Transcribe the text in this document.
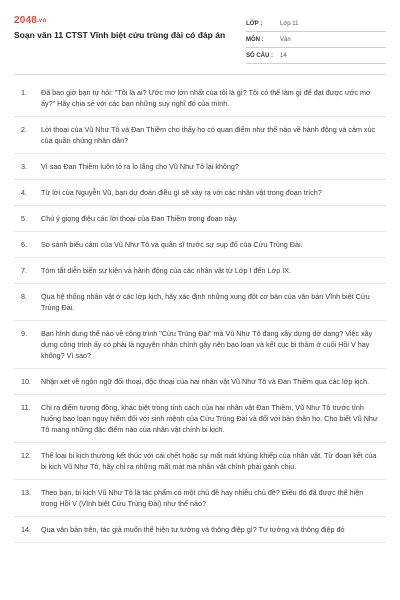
2048.vn
Soạn văn 11 CTST Vĩnh biệt cửu trùng đài có đáp án
LỚP :	Lớp 11
MÔN :	Văn
SỐ CÂU :	14
1.	Đã bao giờ bạn tự hỏi: "Tôi là ai? Ước mơ lớn nhất của tôi là gì? Tôi có thể làm gì để đạt được ước mơ ấy?" Hãy chia sẻ với các bạn những suy nghĩ đó của mình.
2.	Lời thoại của Vũ Như Tô và Đan Thiềm cho thấy họ có quan điểm như thế nào về hành động và cảm xúc của quần chúng nhân dân?
3.	Vì sao Đan Thiềm luôn tỏ ra lo lắng cho Vũ Như Tô lại không?
4.	Từ lời của Nguyễn Vũ, bạn dự đoán điều gì sẽ xảy ra với các nhân vật trong đoạn trích?
5.	Chú ý giọng điệu các lời thoại của Đan Thiềm trong đoạn này.
6.	So sánh biểu cảm của Vũ Như Tô và quân sĩ trước sự sụp đổ của Cửu Trùng Đài.
7.	Tóm tắt diễn biến sự kiện và hành động của các nhân vật từ Lớp I đến Lớp IX.
8.	Qua hệ thống nhân vật ở các lớp kịch, hãy xác định những xung đột cơ bản của văn bản Vĩnh biệt Cửu Trùng Đài.
9.	Bạn hình dung thế nào về công trình "Cửu Trùng Đài" mà Vũ Như Tô đang xây dựng dở dang? Việc xây dựng công trình ấy có phải là nguyên nhân chính gây nên bạo loạn và kết cục bi thảm ở cuối Hồi V hay không? Vì sao?
10.	Nhận xét về ngôn ngữ đối thoại, độc thoại của hai nhân vật Vũ Như Tô và Đan Thiềm qua các lớp kịch.
11.	Chỉ ra điểm tương đồng, khác biệt trong tính cách của hai nhân vật Đan Thiềm, Vũ Như Tô trước tình huống bạo loạn nguy hiểm đối với sinh mệnh của Cửu Trùng Đài và đối với bản thân họ. Cho biết Vũ Như Tô mang những đặc điểm nào của nhân vật chính bi kịch.
12.	Thể loại bi kịch thường kết thúc với cái chết hoặc sự mất mát khủng khiếp của nhân vật. Từ đoạn kết của bi kịch Vũ Như Tô, hãy chỉ ra những mất mát mà nhân vật chính phải gánh chịu.
13.	Theo bạn, bi kịch Vũ Như Tô là tác phẩm có một chủ đề hay nhiều chủ đề? Điều đó đã được thể hiện trong Hồi V (Vĩnh biệt Cửu Trùng Đài) như thế nào?
14.	Qua văn bản trên, tác giả muốn thể hiện tư tưởng và thông điệp gì? Tư tưởng và thông điệp đó
